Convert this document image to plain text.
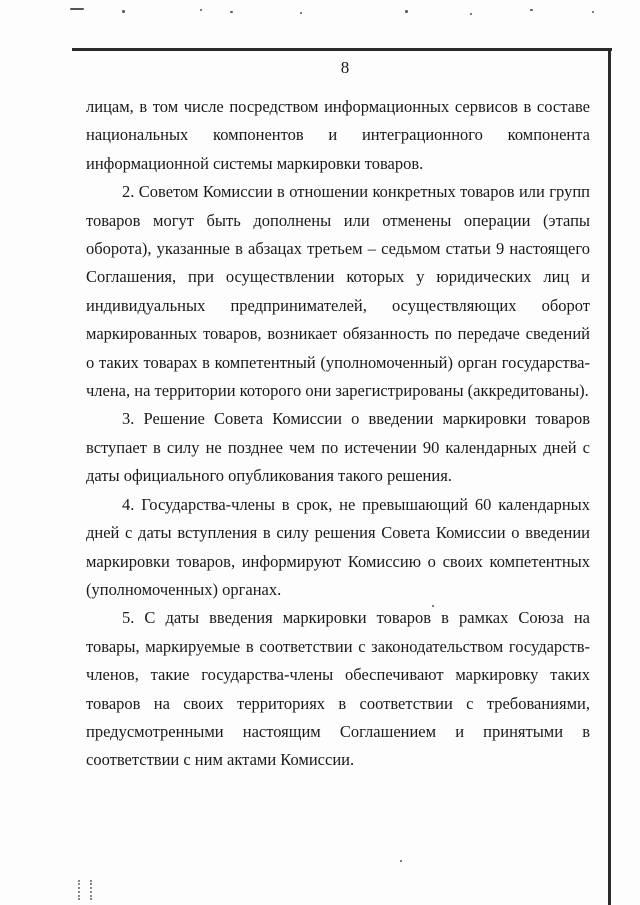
8

лицам, в том числе посредством информационных сервисов в составе национальных компонентов и интеграционного компонента информационной системы маркировки товаров.

2. Советом Комиссии в отношении конкретных товаров или групп товаров могут быть дополнены или отменены операции (этапы оборота), указанные в абзацах третьем – седьмом статьи 9 настоящего Соглашения, при осуществлении которых у юридических лиц и индивидуальных предпринимателей, осуществляющих оборот маркированных товаров, возникает обязанность по передаче сведений о таких товарах в компетентный (уполномоченный) орган государства-члена, на территории которого они зарегистрированы (аккредитованы).

3. Решение Совета Комиссии о введении маркировки товаров вступает в силу не позднее чем по истечении 90 календарных дней с даты официального опубликования такого решения.

4. Государства-члены в срок, не превышающий 60 календарных дней с даты вступления в силу решения Совета Комиссии о введении маркировки товаров, информируют Комиссию о своих компетентных (уполномоченных) органах.

5. С даты введения маркировки товаров в рамках Союза на товары, маркируемые в соответствии с законодательством государств-членов, такие государства-члены обеспечивают маркировку таких товаров на своих территориях в соответствии с требованиями, предусмотренными настоящим Соглашением и принятыми в соответствии с ним актами Комиссии.
